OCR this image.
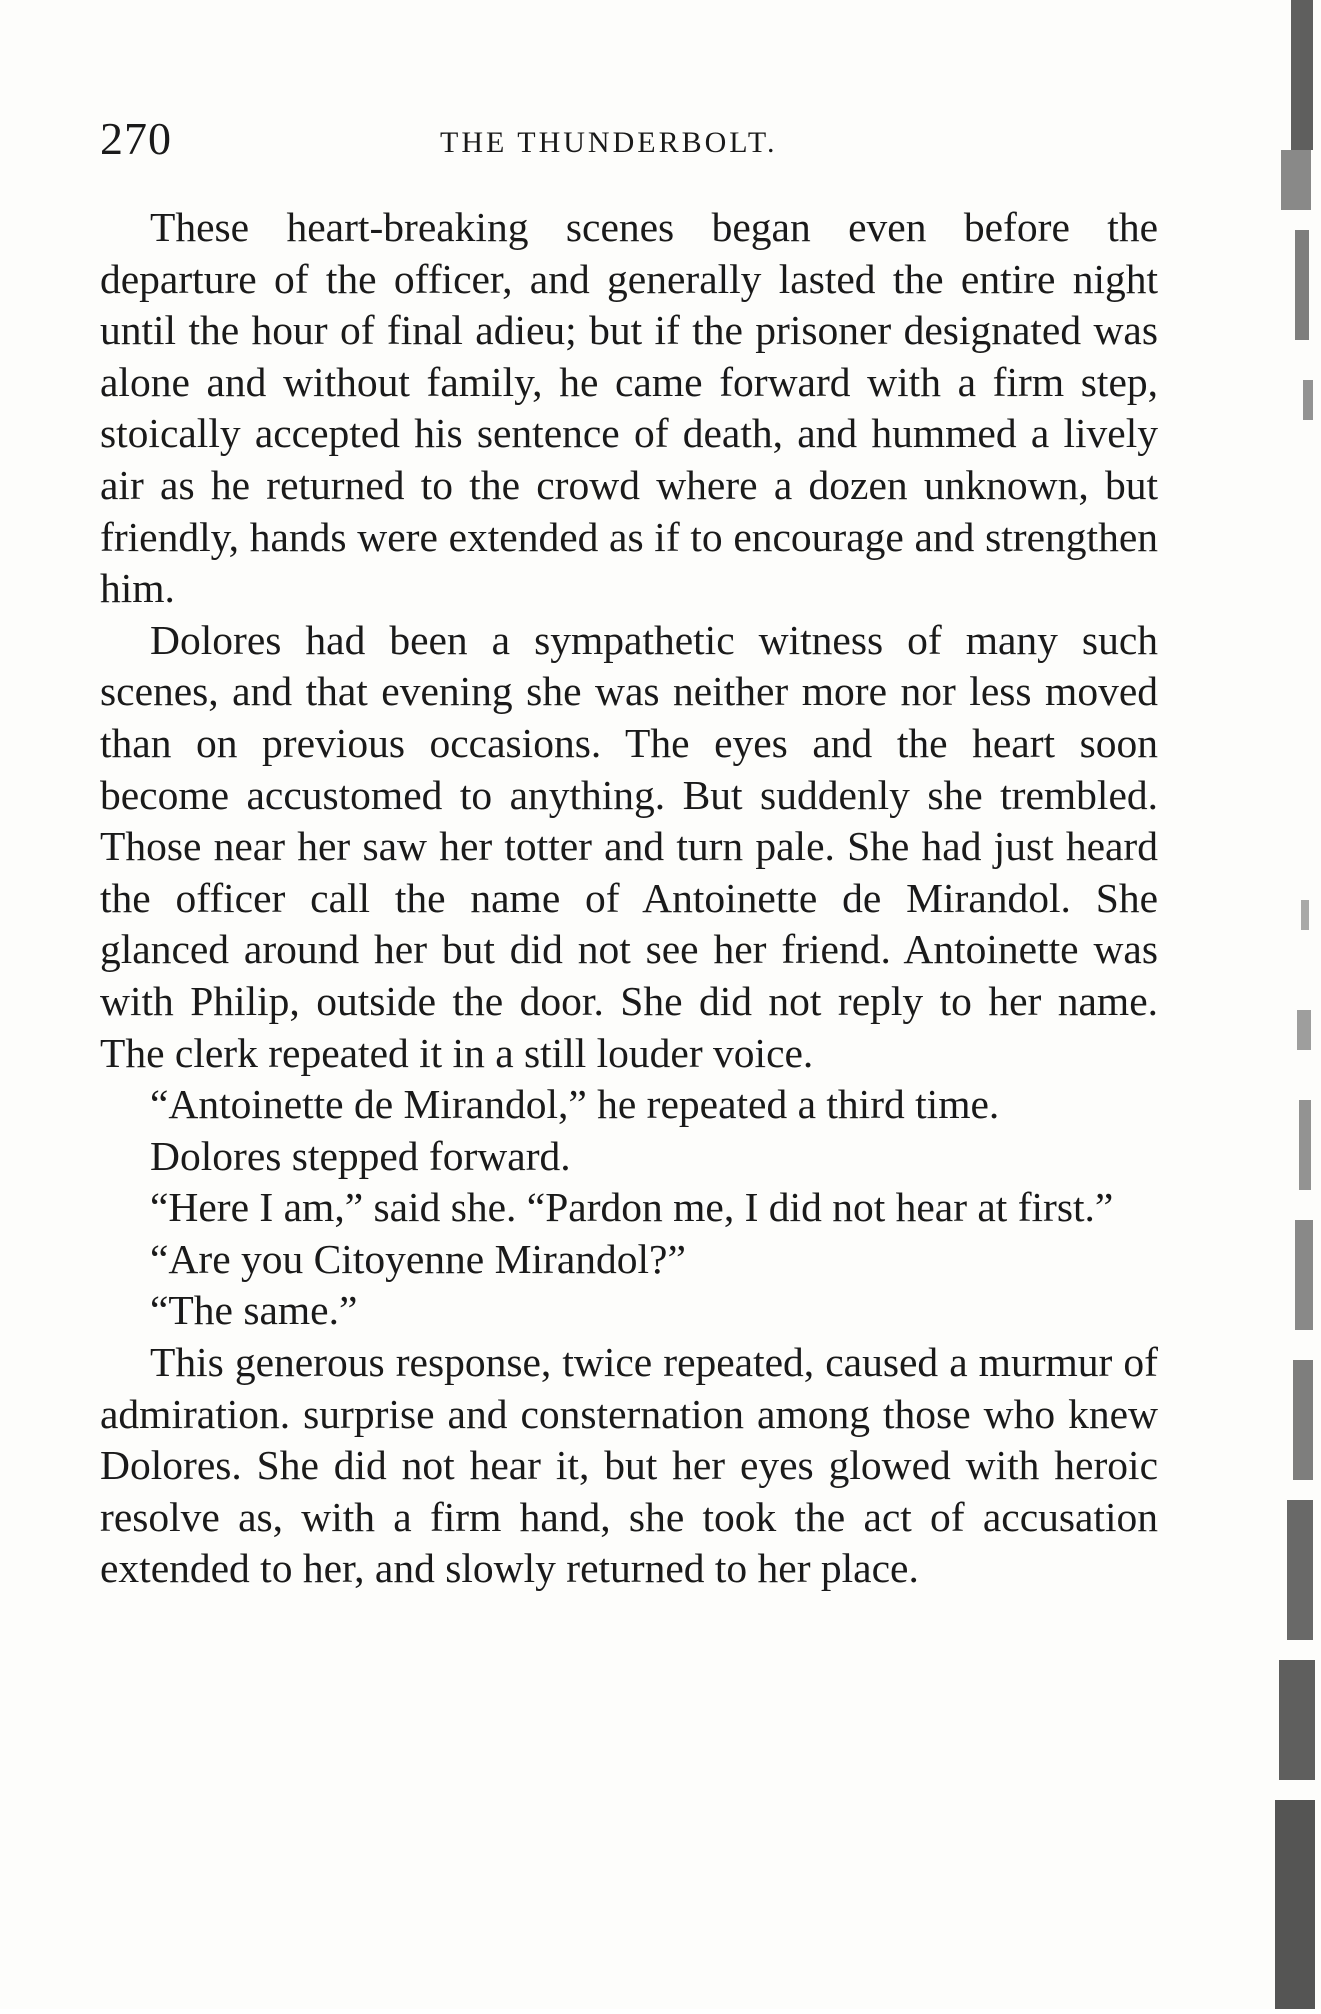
270	THE THUNDERBOLT.

These heart-breaking scenes began even before the departure of the officer, and generally lasted the entire night until the hour of final adieu; but if the prisoner designated was alone and without family, he came forward with a firm step, stoically accepted his sentence of death, and hummed a lively air as he returned to the crowd where a dozen unknown, but friendly, hands were extended as if to encourage and strengthen him.

Dolores had been a sympathetic witness of many such scenes, and that evening she was neither more nor less moved than on previous occasions. The eyes and the heart soon become accustomed to anything. But suddenly she trembled. Those near her saw her totter and turn pale. She had just heard the officer call the name of Antoinette de Mirandol. She glanced around her but did not see her friend. Antoinette was with Philip, outside the door. She did not reply to her name. The clerk repeated it in a still louder voice.

“Antoinette de Mirandol,” he repeated a third time.

Dolores stepped forward.

“Here I am,” said she. “Pardon me, I did not hear at first.”

“Are you Citoyenne Mirandol?”

“The same.”

This generous response, twice repeated, caused a murmur of admiration. surprise and consternation among those who knew Dolores. She did not hear it, but her eyes glowed with heroic resolve as, with a firm hand, she took the act of accusation extended to her, and slowly returned to her place.
